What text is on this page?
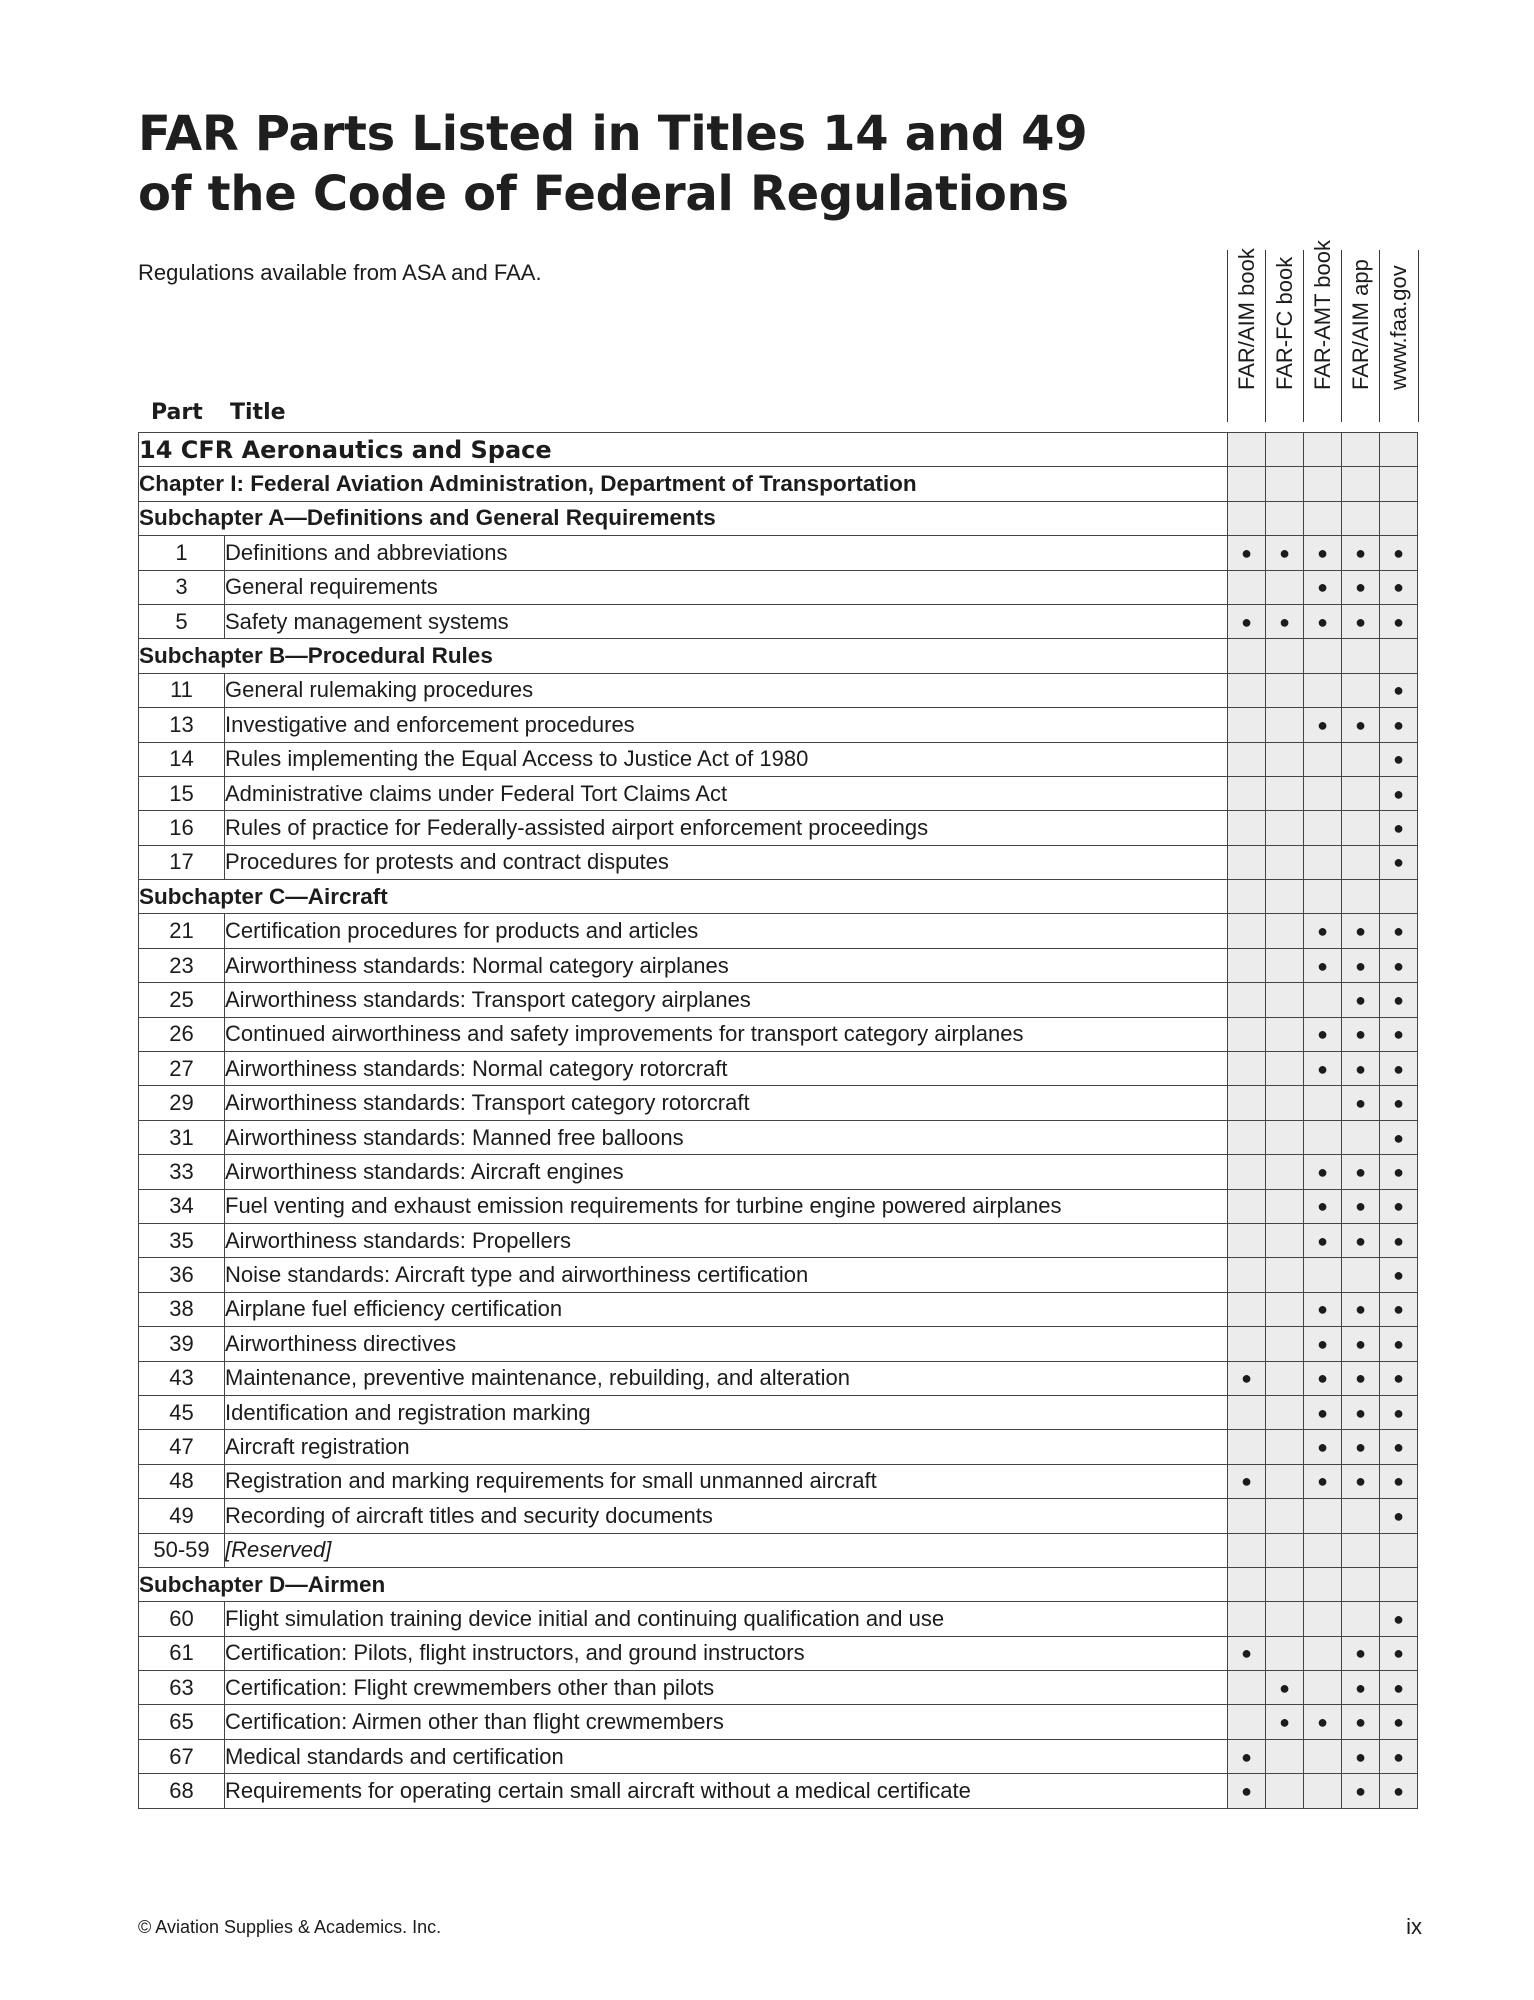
FAR Parts Listed in Titles 14 and 49
of the Code of Federal Regulations
Regulations available from ASA and FAA.
Part Title
FAR/AIM book FAR-FC book FAR-AMT book FAR/AIM app www.faa.gov
14 CFR Aeronautics and Space						
Chapter I: Federal Aviation Administration, Department of Transportation						
Subchapter A—Definitions and General Requirements						
1	Definitions and abbreviations	●	●	●	●	●
3	General requirements			●	●	●
5	Safety management systems	●	●	●	●	●
Subchapter B—Procedural Rules						
11	General rulemaking procedures					●
13	Investigative and enforcement procedures			●	●	●
14	Rules implementing the Equal Access to Justice Act of 1980					●
15	Administrative claims under Federal Tort Claims Act					●
16	Rules of practice for Federally-assisted airport enforcement proceedings					●
17	Procedures for protests and contract disputes					●
Subchapter C—Aircraft						
21	Certification procedures for products and articles			●	●	●
23	Airworthiness standards: Normal category airplanes			●	●	●
25	Airworthiness standards: Transport category airplanes				●	●
26	Continued airworthiness and safety improvements for transport category airplanes			●	●	●
27	Airworthiness standards: Normal category rotorcraft			●	●	●
29	Airworthiness standards: Transport category rotorcraft				●	●
31	Airworthiness standards: Manned free balloons					●
33	Airworthiness standards: Aircraft engines			●	●	●
34	Fuel venting and exhaust emission requirements for turbine engine powered airplanes			●	●	●
35	Airworthiness standards: Propellers			●	●	●
36	Noise standards: Aircraft type and airworthiness certification					●
38	Airplane fuel efficiency certification			●	●	●
39	Airworthiness directives			●	●	●
43	Maintenance, preventive maintenance, rebuilding, and alteration	●		●	●	●
45	Identification and registration marking			●	●	●
47	Aircraft registration			●	●	●
48	Registration and marking requirements for small unmanned aircraft	●		●	●	●
49	Recording of aircraft titles and security documents					●
50-59	[Reserved]					
Subchapter D—Airmen						
60	Flight simulation training device initial and continuing qualification and use					●
61	Certification: Pilots, flight instructors, and ground instructors	●			●	●
63	Certification: Flight crewmembers other than pilots		●		●	●
65	Certification: Airmen other than flight crewmembers		●	●	●	●
67	Medical standards and certification	●			●	●
68	Requirements for operating certain small aircraft without a medical certificate	●			●	●
© Aviation Supplies & Academics. Inc.	ix
